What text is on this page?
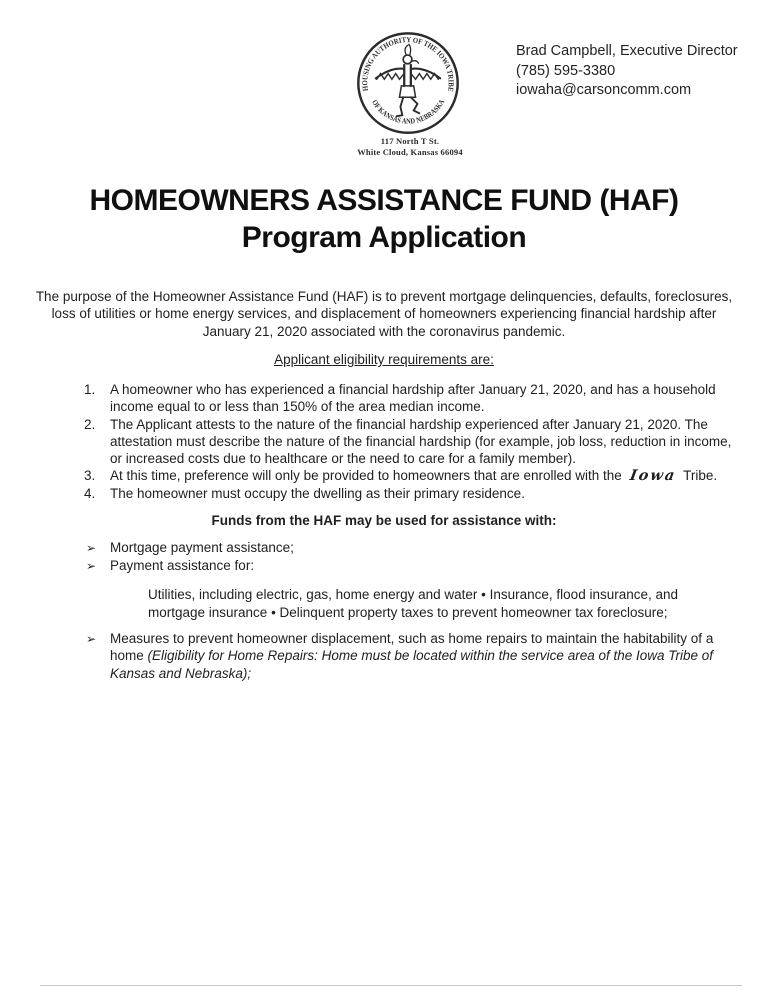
HOUSING AUTHORITY OF THE IOWA TRIBE
OF KANSAS AND NEBRASKA
117 North T St.
White Cloud, Kansas 66094
Brad Campbell, Executive Director
(785) 595-3380
iowaha@carsoncomm.com
HOMEOWNERS ASSISTANCE FUND (HAF)
Program Application

The purpose of the Homeowner Assistance Fund (HAF) is to prevent mortgage delinquencies, defaults, foreclosures, loss of utilities or home energy services, and displacement of homeowners experiencing financial hardship after January 21, 2020 associated with the coronavirus pandemic.

Applicant eligibility requirements are:
1.	A homeowner who has experienced a financial hardship after January 21, 2020, and has a household income equal to or less than 150% of the area median income.
2.	The Applicant attests to the nature of the financial hardship experienced after January 21, 2020. The attestation must describe the nature of the financial hardship (for example, job loss, reduction in income, or increased costs due to healthcare or the need to care for a family member).
3.	At this time, preference will only be provided to homeowners that are enrolled with the Iowa Tribe.
4.	The homeowner must occupy the dwelling as their primary residence.
Funds from the HAF may be used for assistance with:
➢	Mortgage payment assistance;
➢	Payment assistance for:

Utilities, including electric, gas, home energy and water • Insurance, flood insurance, and mortgage insurance • Delinquent property taxes to prevent homeowner tax foreclosure;

➢	Measures to prevent homeowner displacement, such as home repairs to maintain the habitability of a home (Eligibility for Home Repairs: Home must be located within the service area of the Iowa Tribe of Kansas and Nebraska);
